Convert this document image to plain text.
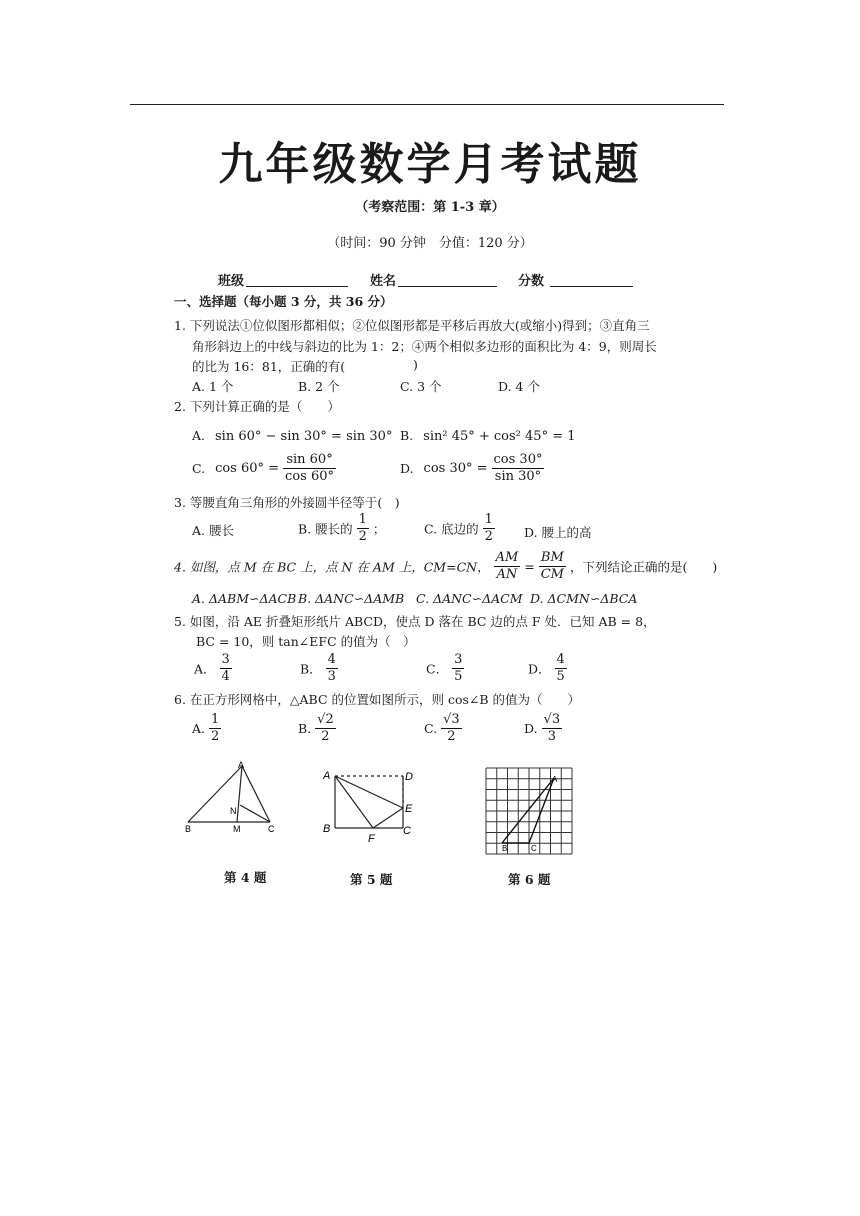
九年级数学月考试题
（考察范围：第 1-3 章）
（时间：90 分钟　分值：120 分）
班级	姓名	分数
一、选择题（每小题 3 分，共 36 分）
1. 下列说法①位似图形都相似；②位似图形都是平移后再放大(或缩小)得到；③直角三
角形斜边上的中线与斜边的比为 1：2；④两个相似多边形的面积比为 4：9，则周长
的比为 16：81，正确的有(	)
A. 1 个	B. 2 个	C. 3 个	D. 4 个
2. 下列计算正确的是（　　）
A. sin 60° − sin 30° = sin 30° B. sin² 45° + cos² 45° = 1
C. $\cos 60^\circ = \frac{\sin 60^\circ}{\cos 60^\circ}$	D. $\cos 30^\circ = \frac{\cos 30^\circ}{\sin 30^\circ}$
3. 等腰直角三角形的外接圆半径等于(　)
A. 腰长	B. 腰长的 $\frac{1}{2}$ ；	C. 底边的 $\frac{1}{2} D$. 腰上的高
4. 如图，点 M 在 BC 上，点 N 在 AM 上，CM=CN， $\frac{AM}{AN} = \frac{BM}{CM}$ ，下列结论正确的是(　　)
A. ΔABM∽ΔACB B. ΔANC∽ΔAMB C. ΔANC∽ΔACM D. ΔCMN∽ΔBCA
5. 如图，沿 AE 折叠矩形纸片 ABCD，使点 D 落在 BC 边的点 F 处．已知 AB = 8，
BC = 10，则 tan∠EFC 的值为（　）
A． $\frac{3}{4}$	B． $\frac{4}{3}$	C． $\frac{3}{5}$	D． $\frac{4}{5}$
6. 在正方形网格中，△ABC 的位置如图所示，则 cos∠B 的值为（　　）
A. $\frac{1}{2}$	B. $\frac{√2}{2}$	C. $\frac{√3}{2}$	D. $\frac{√3}{3}$
A
B	M	C
N
A	D
E
B
F
C
A
B	C
第 4 题	第 5 题	第 6 题
